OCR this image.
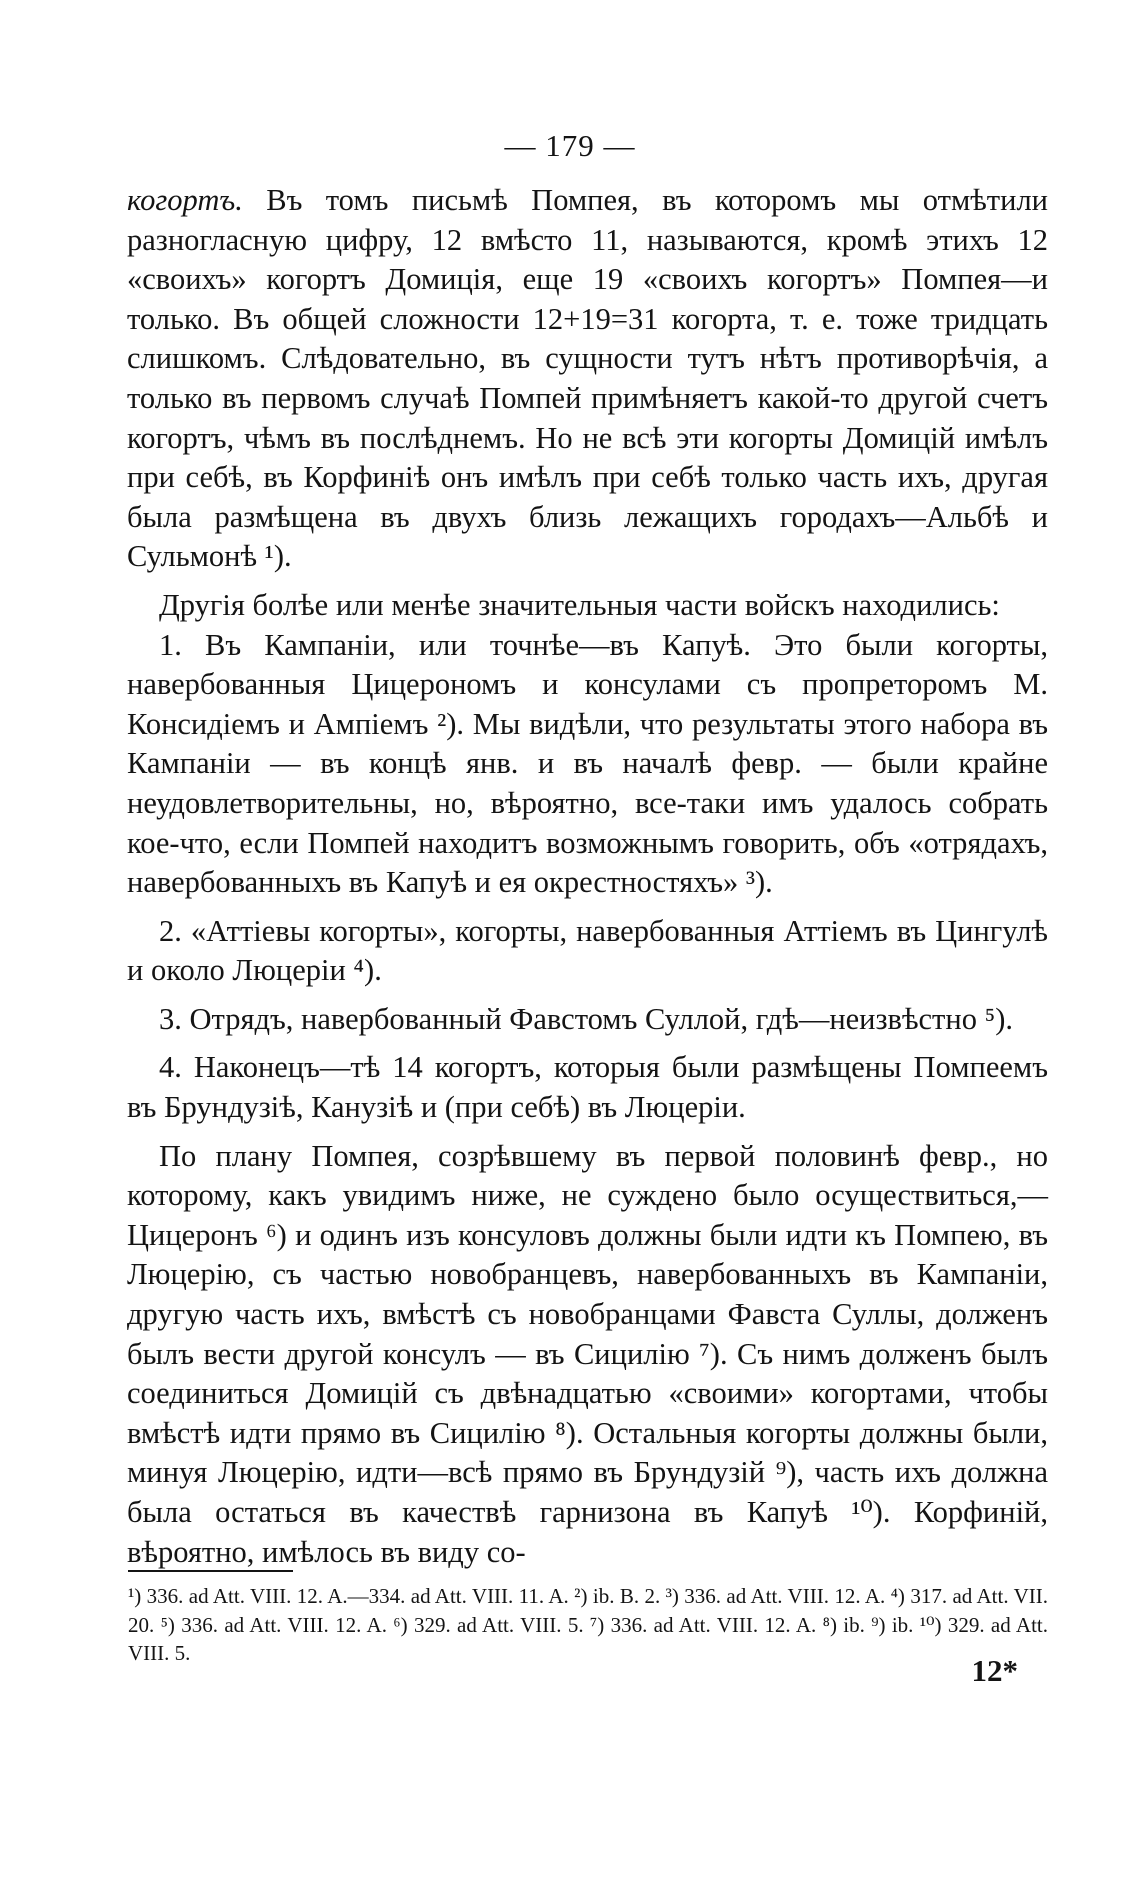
— 179 —

когортъ. Въ томъ письмѣ Помпея, въ которомъ мы отмѣтили разногласную цифру, 12 вмѣсто 11, называются, кромѣ этихъ 12 «своихъ» когортъ Домиція, еще 19 «своихъ когортъ» Помпея—и только. Въ общей сложности 12+19=31 когорта, т. е. тоже тридцать слишкомъ. Слѣдовательно, въ сущности тутъ нѣтъ противорѣчія, а только въ первомъ случаѣ Помпей примѣняетъ какой-то другой счетъ когортъ, чѣмъ въ послѣднемъ. Но не всѣ эти когорты Домицій имѣлъ при себѣ, въ Корфиніѣ онъ имѣлъ при себѣ только часть ихъ, другая была размѣщена въ двухъ близь лежащихъ городахъ—Альбѣ и Сульмонѣ ¹).

Другія болѣе или менѣе значительныя части войскъ находились:

1. Въ Кампаніи, или точнѣе—въ Капуѣ. Это были когорты, навербованныя Цицерономъ и консулами съ пропреторомъ М. Консидіемъ и Ампіемъ ²). Мы видѣли, что результаты этого набора въ Кампаніи — въ концѣ янв. и въ началѣ февр. — были крайне неудовлетворительны, но, вѣроятно, все-таки имъ удалось собрать кое-что, если Помпей находитъ возможнымъ говорить, объ «отрядахъ, навербованныхъ въ Капуѣ и ея окрестностяхъ» ³).

2. «Аттіевы когорты», когорты, навербованныя Аттіемъ въ Цингулѣ и около Люцеріи ⁴).

3. Отрядъ, навербованный Фавстомъ Суллой, гдѣ—неизвѣстно ⁵).

4. Наконецъ—тѣ 14 когортъ, которыя были размѣщены Помпеемъ въ Брундузіѣ, Канузіѣ и (при себѣ) въ Люцеріи.

По плану Помпея, созрѣвшему въ первой половинѣ февр., но которому, какъ увидимъ ниже, не суждено было осуществиться,— Цицеронъ ⁶) и одинъ изъ консуловъ должны были идти къ Помпею, въ Люцерію, съ частью новобранцевъ, навербованныхъ въ Кампаніи, другую часть ихъ, вмѣстѣ съ новобранцами Фавста Суллы, долженъ былъ вести другой консулъ — въ Сицилію ⁷). Съ нимъ долженъ былъ соединиться Домицій съ двѣнадцатью «своими» когортами, чтобы вмѣстѣ идти прямо въ Сицилію ⁸). Остальныя когорты должны были, минуя Люцерію, идти—всѣ прямо въ Брундузій ⁹), часть ихъ должна была остаться въ качествѣ гарнизона въ Капуѣ ¹⁰). Корфиній, вѣроятно, имѣлось въ виду со-

¹) 336. ad Att. VIII. 12. A.—334. ad Att. VIII. 11. A. ²) ib. B. 2. ³) 336. ad Att. VIII. 12. A. ⁴) 317. ad Att. VII. 20. ⁵) 336. ad Att. VIII. 12. A. ⁶) 329. ad Att. VIII. 5. ⁷) 336. ad Att. VIII. 12. A. ⁸) ib. ⁹) ib. ¹⁰) 329. ad Att. VIII. 5.	12*
